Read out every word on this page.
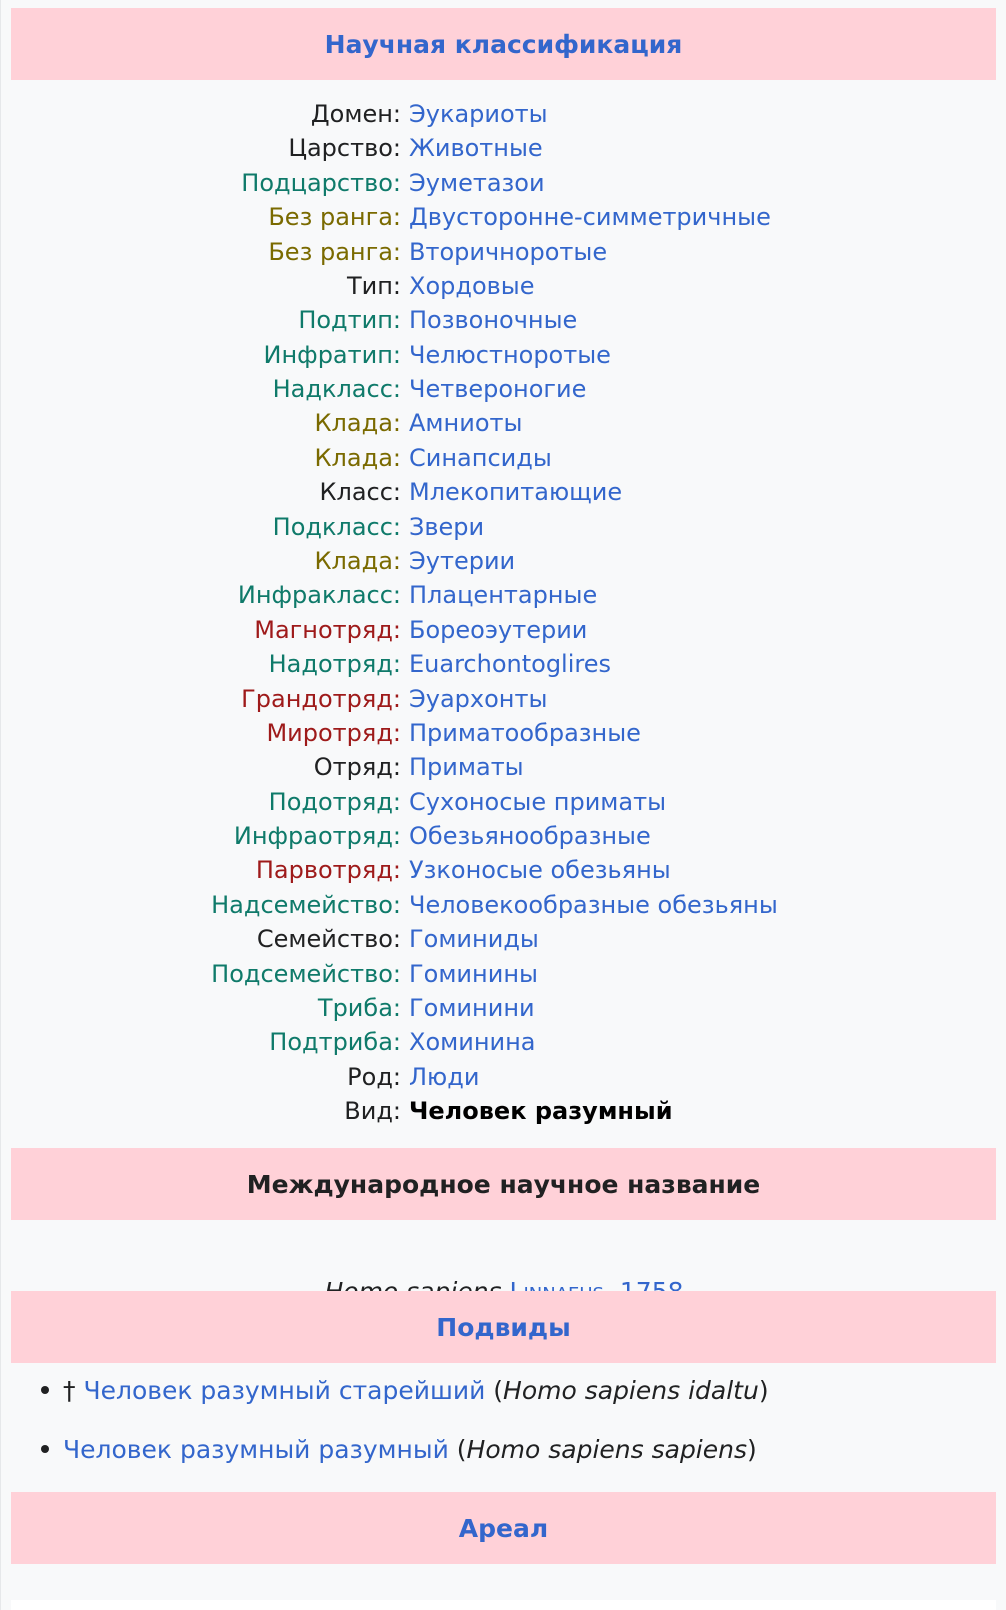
Научная классификация
Домен: Эукариоты
Царство: Животные
Подцарство: Эуметазои
Без ранга: Двусторонне-симметричные
Без ранга: Вторичноротые
Тип: Хордовые
Подтип: Позвоночные
Инфратип: Челюстноротые
Надкласс: Четвероногие
Клада: Амниоты
Клада: Синапсиды
Класс: Млекопитающие
Подкласс: Звери
Клада: Эутерии
Инфракласс: Плацентарные
Магнотряд: Бореоэутерии
Надотряд: Euarchontoglires
Грандотряд: Эуархонты
Миротряд: Приматообразные
Отряд: Приматы
Подотряд: Сухоносые приматы
Инфраотряд: Обезьянообразные
Парвотряд: Узконосые обезьяны
Надсемейство: Человекообразные обезьяны
Семейство: Гоминиды
Подсемейство: Гоминины
Триба: Гоминини
Подтриба: Хоминина
Род: Люди
Вид: Человек разумный
Международное научное название
Подвиды
† Человек разумный старейший (Homo sapiens idaltu)
Человек разумный разумный (Homo sapiens sapiens)
Ареал
